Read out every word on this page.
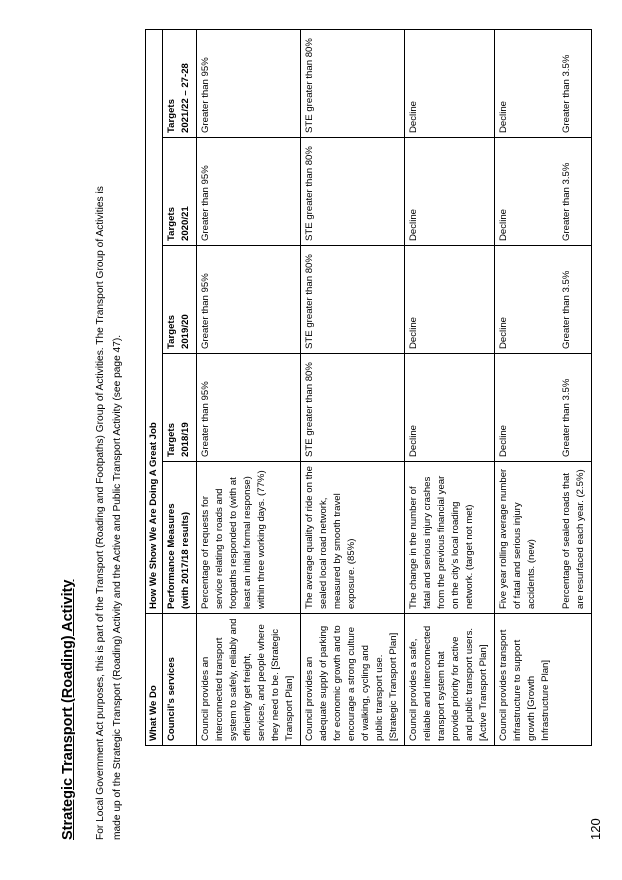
Strategic Transport (Roading) Activity For Local Government Act purposes, this is part of the Transport (Roading and Footpaths) Group of Activities. The Transport Group of Activities is made up of the Strategic Transport (Roading) Activity and the Active and Public Transport Activity (see page 47).	What We Do	How We Show We Are Doing A Great Job				
Council's services	Performance Measures (with 2017/18 results)	Targets 2018/19	Targets 2019/20	Targets 2020/21	Targets 2021/22 – 27-28
Council provides an interconnected transport system to safely, reliably and efficiently get freight, services, and people where they need to be. [Strategic Transport Plan]	Percentage of requests for service relating to roads and footpaths responded to (with at least an initial formal response) within three working days. (77%)	Greater than 95%	Greater than 95%	Greater than 95%	Greater than 95%
Council provides an adequate supply of parking for economic growth and to encourage a strong culture of walking, cycling and public transport use. [Strategic Transport Plan]	The average quality of ride on the sealed local road network, measured by smooth travel exposure. (85%)	STE greater than 80%	STE greater than 80%	STE greater than 80%	STE greater than 80%
Council provides a safe, reliable and interconnected transport system that provide priority for active and public transport users. [Active Transport Plan]	The change in the number of fatal and serious injury crashes from the previous financial year on the city's local roading network. (target not met)	Decline	Decline	Decline	Decline
Council provides transport infrastructure to support growth [Growth Infrastructure Plan]	Five year rolling average number of fatal and serious injury accidents. (new)	Decline	Decline	Decline	Decline
	Percentage of sealed roads that are resurfaced each year. (2.5%)	Greater than 3.5%	Greater than 3.5%	Greater than 3.5%	Greater than 3.5%
120
